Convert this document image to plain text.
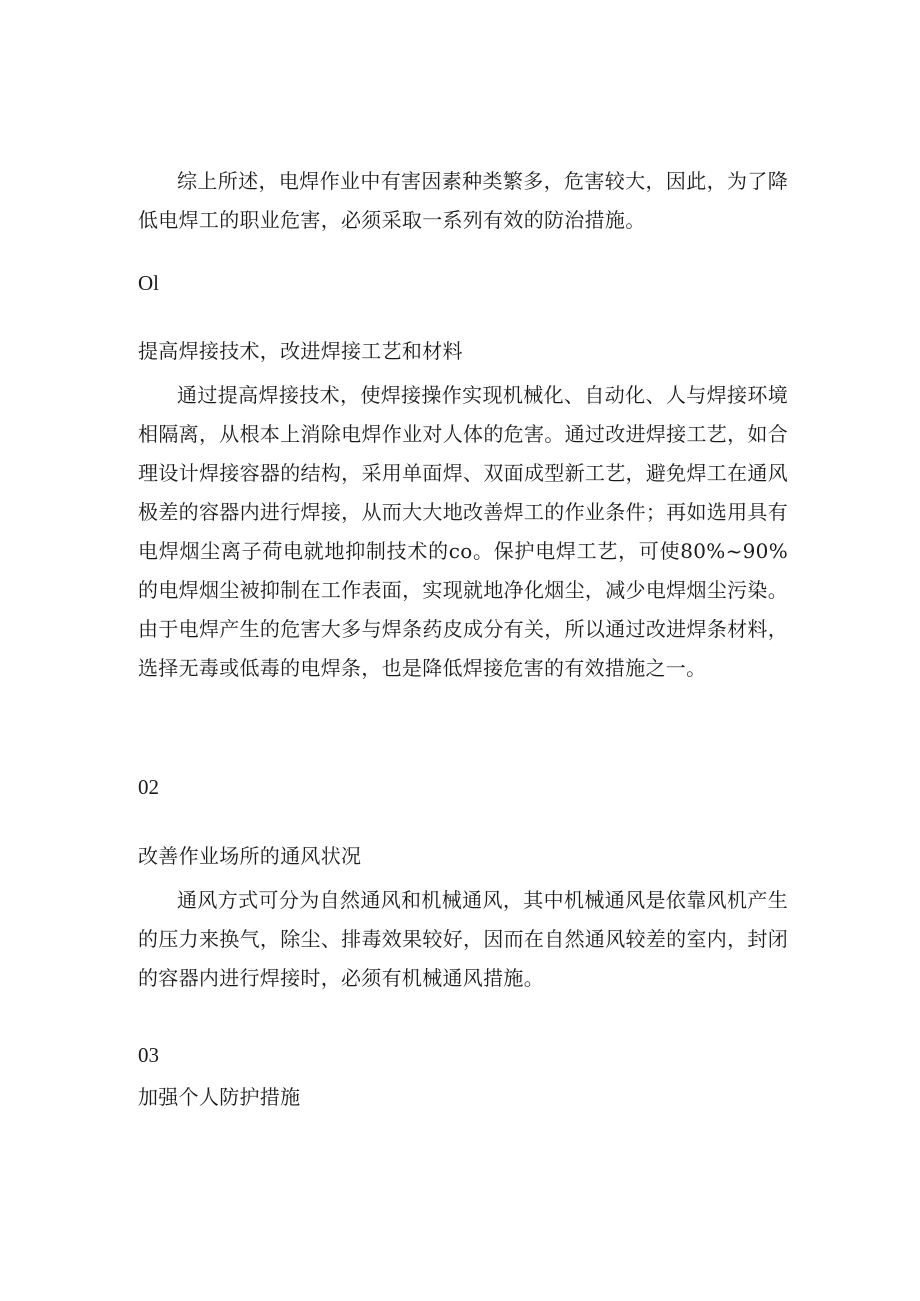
综上所述，电焊作业中有害因素种类繁多，危害较大，因此，为了降低电焊工的职业危害，必须采取一系列有效的防治措施。

Ol

提高焊接技术，改进焊接工艺和材料

通过提高焊接技术，使焊接操作实现机械化、自动化、人与焊接环境相隔离，从根本上消除电焊作业对人体的危害。通过改进焊接工艺，如合理设计焊接容器的结构，采用单面焊、双面成型新工艺，避免焊工在通风极差的容器内进行焊接，从而大大地改善焊工的作业条件；再如选用具有电焊烟尘离子荷电就地抑制技术的co。保护电焊工艺，可使80%~90%的电焊烟尘被抑制在工作表面，实现就地净化烟尘，减少电焊烟尘污染。由于电焊产生的危害大多与焊条药皮成分有关，所以通过改进焊条材料，选择无毒或低毒的电焊条，也是降低焊接危害的有效措施之一。

02

改善作业场所的通风状况

通风方式可分为自然通风和机械通风，其中机械通风是依靠风机产生的压力来换气，除尘、排毒效果较好，因而在自然通风较差的室内，封闭的容器内进行焊接时，必须有机械通风措施。

03

加强个人防护措施
